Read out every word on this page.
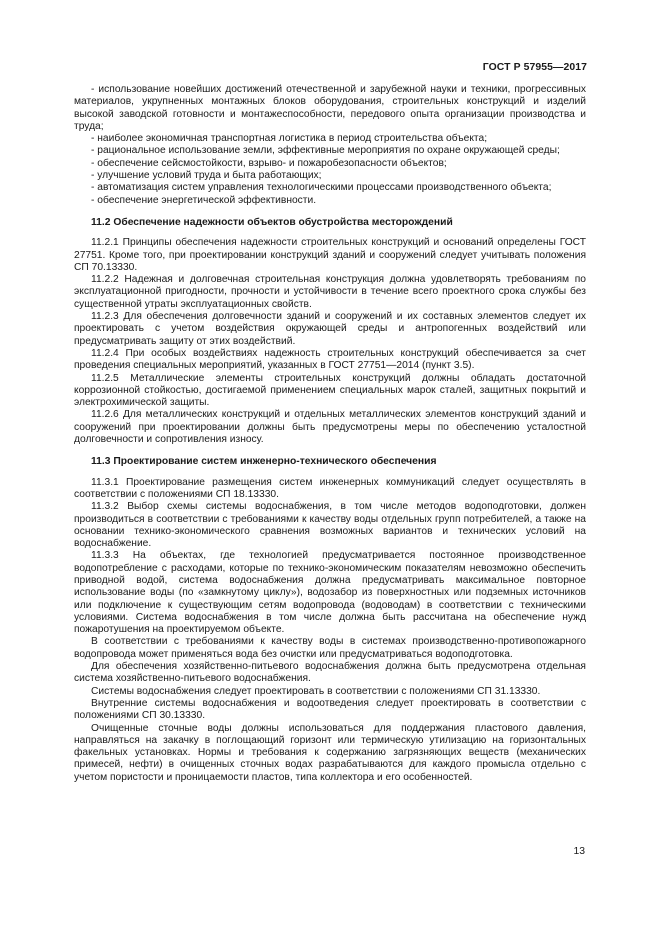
ГОСТ Р 57955—2017

- использование новейших достижений отечественной и зарубежной науки и техники, прогрессивных материалов, укрупненных монтажных блоков оборудования, строительных конструкций и изделий высокой заводской готовности и монтажеспособности, передового опыта организации производства и труда;

- наиболее экономичная транспортная логистика в период строительства объекта;

- рациональное использование земли, эффективные мероприятия по охране окружающей среды;

- обеспечение сейсмостойкости, взрыво- и пожаробезопасности объектов;

- улучшение условий труда и быта работающих;

- автоматизация систем управления технологическими процессами производственного объекта;

- обеспечение энергетической эффективности.

11.2 Обеспечение надежности объектов обустройства месторождений

11.2.1 Принципы обеспечения надежности строительных конструкций и оснований определены ГОСТ 27751. Кроме того, при проектировании конструкций зданий и сооружений следует учитывать положения СП 70.13330.

11.2.2 Надежная и долговечная строительная конструкция должна удовлетворять требованиям по эксплуатационной пригодности, прочности и устойчивости в течение всего проектного срока службы без существенной утраты эксплуатационных свойств.

11.2.3 Для обеспечения долговечности зданий и сооружений и их составных элементов следует их проектировать с учетом воздействия окружающей среды и антропогенных воздействий или предусматривать защиту от этих воздействий.

11.2.4 При особых воздействиях надежность строительных конструкций обеспечивается за счет проведения специальных мероприятий, указанных в ГОСТ 27751—2014 (пункт 3.5).

11.2.5 Металлические элементы строительных конструкций должны обладать достаточной коррозионной стойкостью, достигаемой применением специальных марок сталей, защитных покрытий и электрохимической защиты.

11.2.6 Для металлических конструкций и отдельных металлических элементов конструкций зданий и сооружений при проектировании должны быть предусмотрены меры по обеспечению усталостной долговечности и сопротивления износу.

11.3 Проектирование систем инженерно-технического обеспечения

11.3.1 Проектирование размещения систем инженерных коммуникаций следует осуществлять в соответствии с положениями СП 18.13330.

11.3.2 Выбор схемы системы водоснабжения, в том числе методов водоподготовки, должен производиться в соответствии с требованиями к качеству воды отдельных групп потребителей, а также на основании технико-экономического сравнения возможных вариантов и технических условий на водоснабжение.

11.3.3 На объектах, где технологией предусматривается постоянное производственное водопотребление с расходами, которые по технико-экономическим показателям невозможно обеспечить приводной водой, система водоснабжения должна предусматривать максимальное повторное использование воды (по «замкнутому циклу»), водозабор из поверхностных или подземных источников или подключение к существующим сетям водопровода (водоводам) в соответствии с техническими условиями. Система водоснабжения в том числе должна быть рассчитана на обеспечение нужд пожаротушения на проектируемом объекте.

В соответствии с требованиями к качеству воды в системах производственно-противопожарного водопровода может применяться вода без очистки или предусматриваться водоподготовка.

Для обеспечения хозяйственно-питьевого водоснабжения должна быть предусмотрена отдельная система хозяйственно-питьевого водоснабжения.

Системы водоснабжения следует проектировать в соответствии с положениями СП 31.13330.

Внутренние системы водоснабжения и водоотведения следует проектировать в соответствии с положениями СП 30.13330.

Очищенные сточные воды должны использоваться для поддержания пластового давления, направляться на закачку в поглощающий горизонт или термическую утилизацию на горизонтальных факельных установках. Нормы и требования к содержанию загрязняющих веществ (механических примесей, нефти) в очищенных сточных водах разрабатываются для каждого промысла отдельно с учетом пористости и проницаемости пластов, типа коллектора и его особенностей.

13
